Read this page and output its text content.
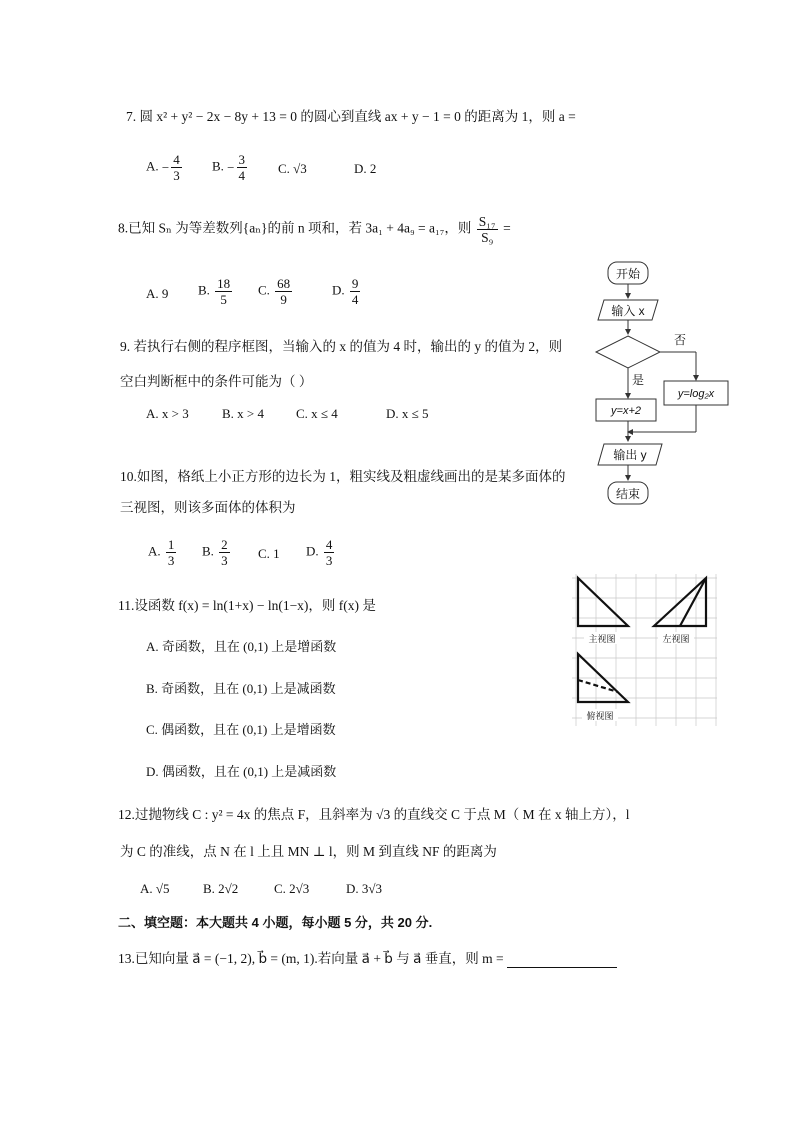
7. 圆 x² + y² − 2x − 8y + 13 = 0 的圆心到直线 ax + y − 1 = 0 的距离为 1，则 a =
A. − $\frac{4}{3} B$. − $\frac{3}{4} C$. √3	D. 2
8.已知 Sₙ 为等差数列{aₙ}的前 n 项和，若 3a₁ + 4a₉ = a₁₇，则 $\frac{\text{S₁₇}}{\text{S₉}}$ =
A. 9 B. $\frac{18}{5} C$. $\frac{68}{9}$	D. $\frac{9}{4}$
9. 若执行右侧的程序框图，当输入的 x 的值为 4 时，输出的 y 的值为 2，则
空白判断框中的条件可能为（ ）
A. x > 3	B. x > 4 C. x ≤ 4	D. x ≤ 5
开始
输入 x
否
是
y=x+2
y=log₂x
输出 y
结束
10.如图，格纸上小正方形的边长为 1，粗实线及粗虚线画出的是某多面体的
三视图，则该多面体的体积为
A. $\frac{1}{3} B$. $\frac{2}{3} C$. 1 D. $\frac{4}{3}$
主视图	左视图
俯视图
11.设函数 f(x) = ln(1+x) − ln(1−x)，则 f(x) 是
A. 奇函数，且在 (0,1) 上是增函数
B. 奇函数，且在 (0,1) 上是减函数
C. 偶函数，且在 (0,1) 上是增函数
D. 偶函数，且在 (0,1) 上是减函数
12.过抛物线 C : y² = 4x 的焦点 F，且斜率为 √3 的直线交 C 于点 M（ M 在 x 轴上方），l
为 C 的准线，点 N 在 l 上且 MN ⊥ l，则 M 到直线 NF 的距离为
A. √5	B. 2√2	C. 2√3	D. 3√3
二、填空题：本大题共 4 小题，每小题 5 分，共 20 分.
13.已知向量 a⃗ = (−1, 2), b⃗ = (m, 1).若向量 a⃗ + b⃗ 与 a⃗ 垂直，则 m =
